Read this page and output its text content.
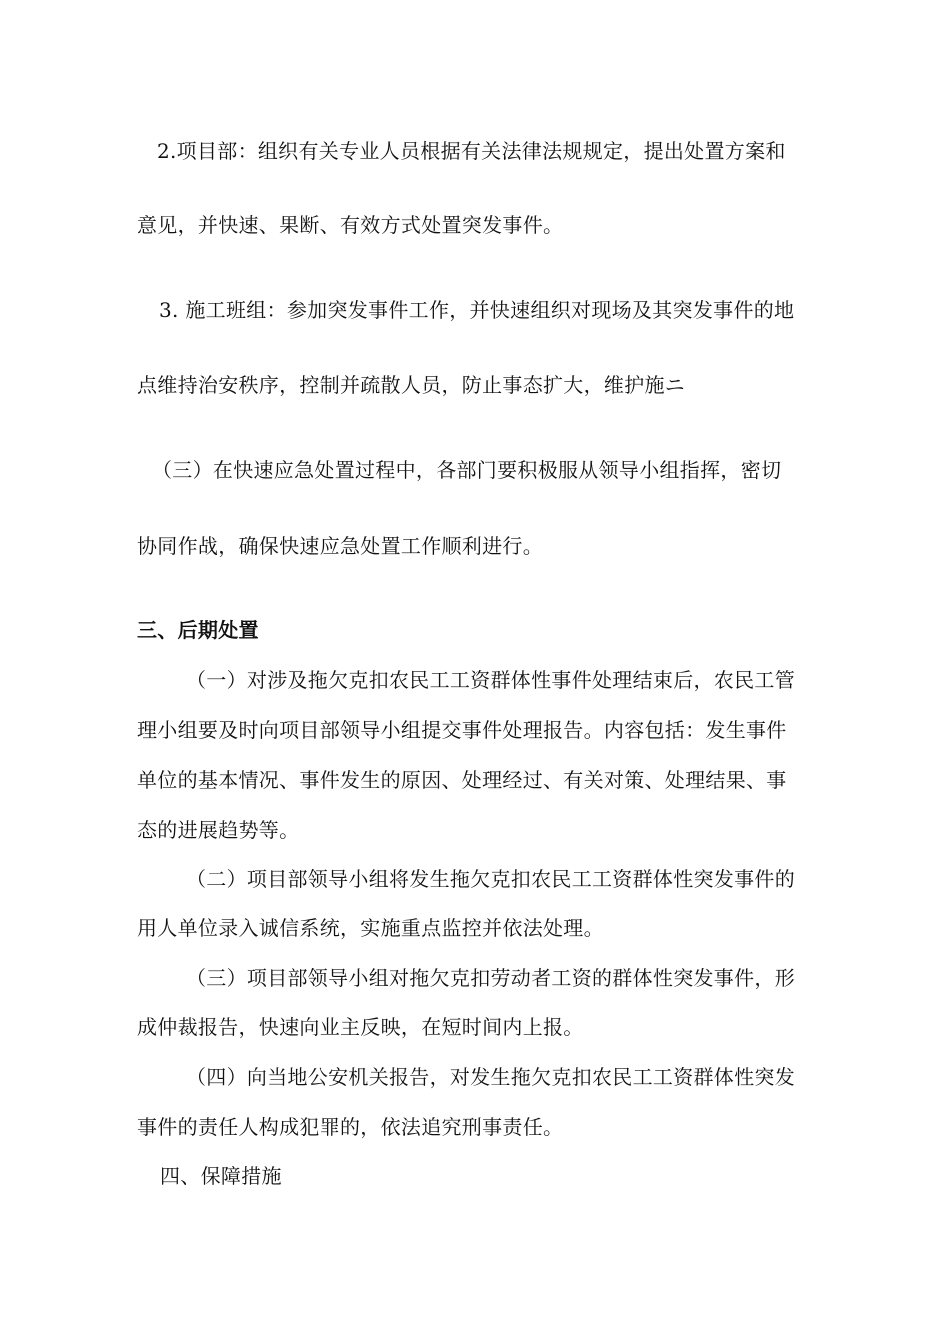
2.项目部：组织有关专业人员根据有关法律法规规定，提出处置方案和
意见，并快速、果断、有效方式处置突发事件。
3. 施工班组：参加突发事件工作，并快速组织对现场及其突发事件的地
点维持治安秩序，控制并疏散人员，防止事态扩大，维护施ニ
（三）在快速应急处置过程中，各部门要积极服从领导小组指挥，密切
协同作战，确保快速应急处置工作顺利进行。
三、后期处置
（一）对涉及拖欠克扣农民工工资群体性事件处理结束后，农民工管
理小组要及时向项目部领导小组提交事件处理报告。内容包括：发生事件
单位的基本情况、事件发生的原因、处理经过、有关对策、处理结果、事
态的进展趋势等。
（二）项目部领导小组将发生拖欠克扣农民工工资群体性突发事件的
用人单位录入诚信系统，实施重点监控并依法处理。
（三）项目部领导小组对拖欠克扣劳动者工资的群体性突发事件，形
成仲裁报告，快速向业主反映，在短时间内上报。
（四）向当地公安机关报告，对发生拖欠克扣农民工工资群体性突发
事件的责任人构成犯罪的，依法追究刑事责任。
四、保障措施
